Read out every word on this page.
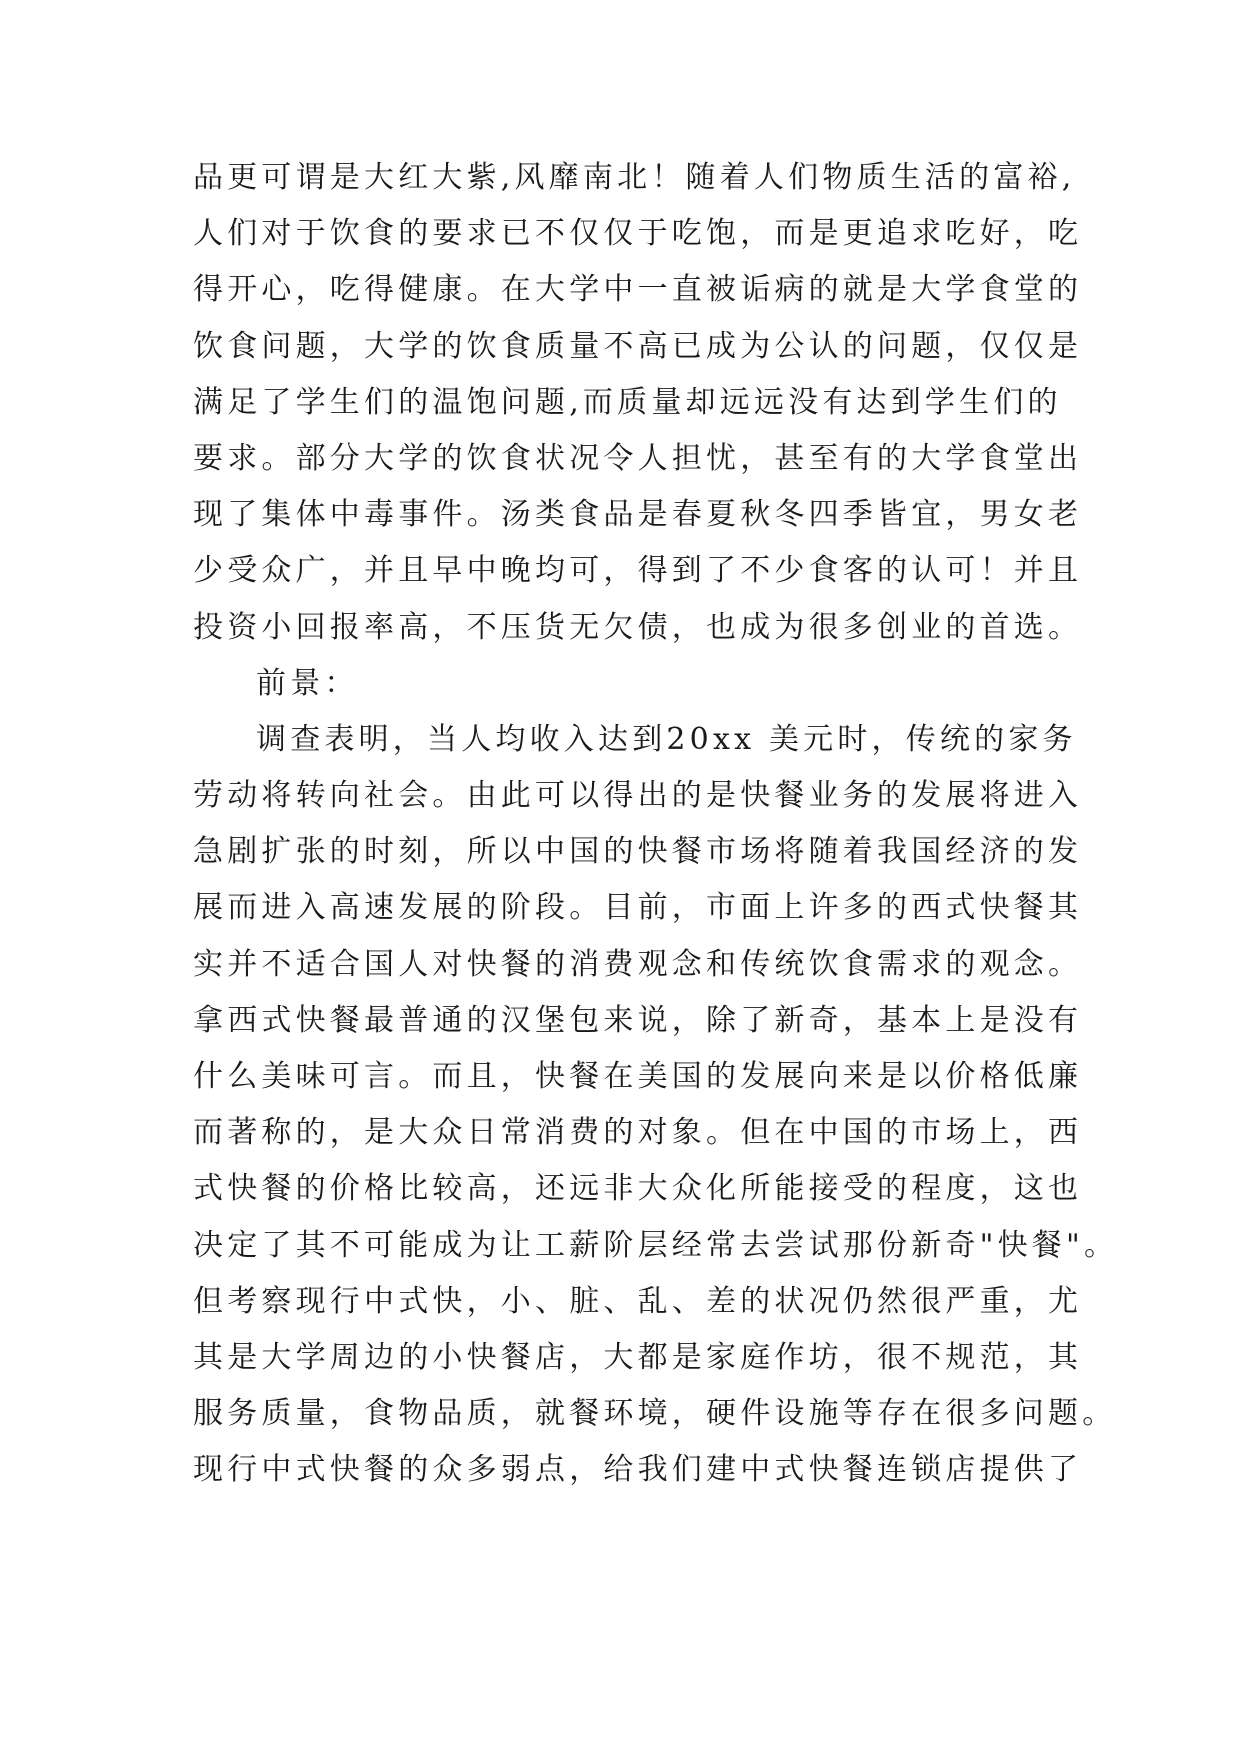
品更可谓是大红大紫,风靡南北！随着人们物质生活的富裕,
人们对于饮食的要求已不仅仅于吃饱，而是更追求吃好，吃
得开心，吃得健康。在大学中一直被诟病的就是大学食堂的
饮食问题，大学的饮食质量不高已成为公认的问题，仅仅是
满足了学生们的温饱问题,而质量却远远没有达到学生们的
要求。部分大学的饮食状况令人担忧，甚至有的大学食堂出
现了集体中毒事件。汤类食品是春夏秋冬四季皆宜，男女老
少受众广，并且早中晚均可，得到了不少食客的认可！并且
投资小回报率高，不压货无欠债，也成为很多创业的首选。
前景：
调查表明，当人均收入达到20xx 美元时，传统的家务
劳动将转向社会。由此可以得出的是快餐业务的发展将进入
急剧扩张的时刻，所以中国的快餐市场将随着我国经济的发
展而进入高速发展的阶段。目前，市面上许多的西式快餐其
实并不适合国人对快餐的消费观念和传统饮食需求的观念。
拿西式快餐最普通的汉堡包来说，除了新奇，基本上是没有
什么美味可言。而且，快餐在美国的发展向来是以价格低廉
而著称的，是大众日常消费的对象。但在中国的市场上，西
式快餐的价格比较高，还远非大众化所能接受的程度，这也
决定了其不可能成为让工薪阶层经常去尝试那份新奇"快餐"。
但考察现行中式快，小、脏、乱、差的状况仍然很严重，尤
其是大学周边的小快餐店，大都是家庭作坊，很不规范，其
服务质量，食物品质，就餐环境，硬件设施等存在很多问题。
现行中式快餐的众多弱点，给我们建中式快餐连锁店提供了
